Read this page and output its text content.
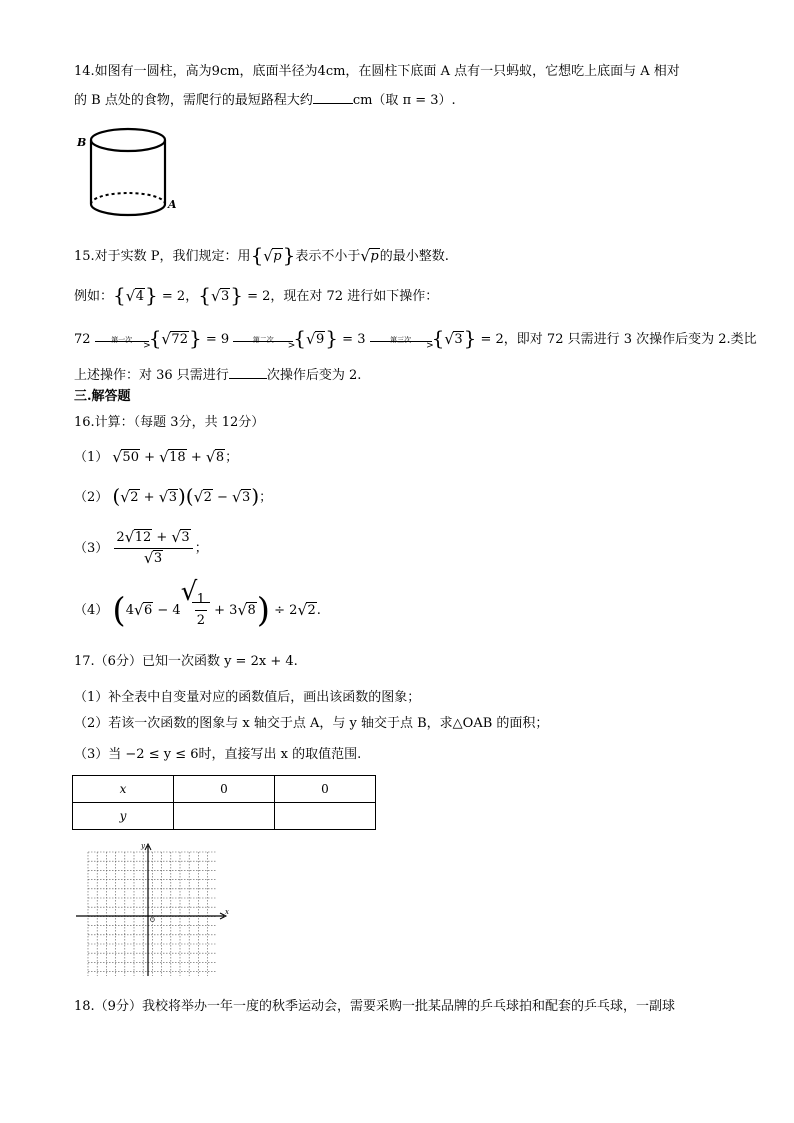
14.如图有一圆柱，高为9cm，底面半径为4cm，在圆柱下底面 A 点有一只蚂蚁，它想吃上底面与 A 相对
的 B 点处的食物，需爬行的最短路程大约	cm（取 π = 3）.
B
A
15.对于实数 P，我们规定：用{ √ p}表示不小于 √ p的最小整数.
例如：{ √ 4} = 2，{ √ 3} = 2，现在对 72 进行如下操作：
72	第一次
>
{ √ 72} = 9	第二次
>
{ √ 9} = 3	第三次
>
{ √ 3} = 2，即对 72 只需进行 3 次操作后变为 2.类比
上述操作：对 36 只需进行	次操作后变为 2.
三.解答题
16.计算：（每题 3分，共 12分）
（1） √ 50 + √ 18 + √ 8；
（2） ( √ 2 + √ 3)( √ 2 − √ 3)；
$(3) \frac{2 √ 12 + √ 3}{√ 3}$ ；
（4） (4 √ 6 − 4
√
$\frac{1}{2} + 3$ √ 8) ÷ 2 √ 2.
17.（6分）已知一次函数 y = 2x + 4.
（1）补全表中自变量对应的函数值后，画出该函数的图象；
（2）若该一次函数的图象与 x 轴交于点 A，与 y 轴交于点 B，求△OAB 的面积；
（3）当 −2 ≤ y ≤ 6时，直接写出 x 的取值范围.
x	0	0
y		
x
y
O
18.（9分）我校将举办一年一度的秋季运动会，需要采购一批某品牌的乒乓球拍和配套的乒乓球，一副球
